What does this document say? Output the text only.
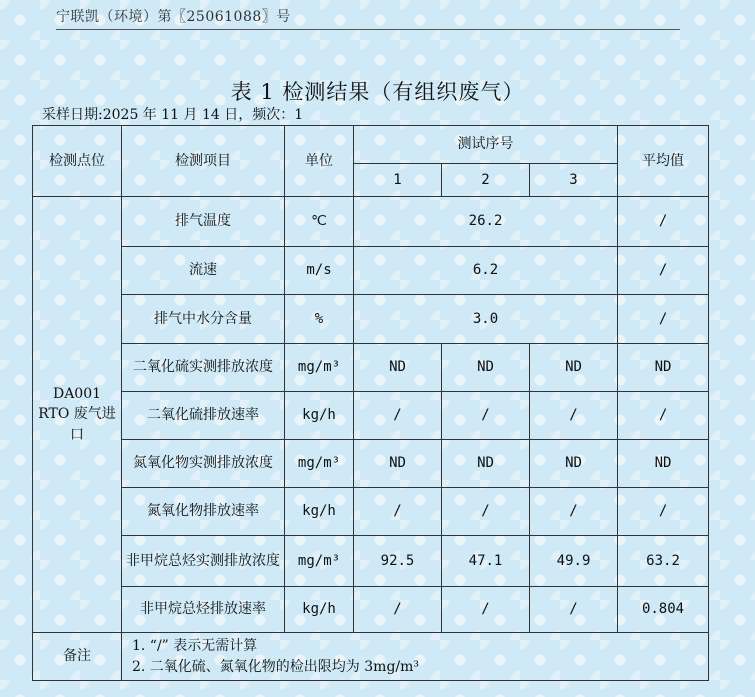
宁联凯（环境）第〖25061088〗号
表 1 检测结果（有组织废气）
采样日期:2025 年 11 月 14 日，频次：1
检测点位	检测项目	单位	测试序号			平均值
			1	2	3	
DA001 RTO 废气进口	排气温度	℃	26.2			/
	流速	m/s	6.2			/
	排气中水分含量	%	3.0			/
	二氧化硫实测排放浓度	mg/m³	ND	ND	ND	ND
	二氧化硫排放速率	kg/h	/	/	/	/
	氮氧化物实测排放浓度	mg/m³	ND	ND	ND	ND
	氮氧化物排放速率	kg/h	/	/	/	/
	非甲烷总烃实测排放浓度	mg/m³	92.5	47.1	49.9	63.2
	非甲烷总烃排放速率	kg/h	/	/	/	0.804
备注	1. “/” 表示无需计算
2. 二氧化硫、氮氧化物的检出限均为 3mg/m³					
